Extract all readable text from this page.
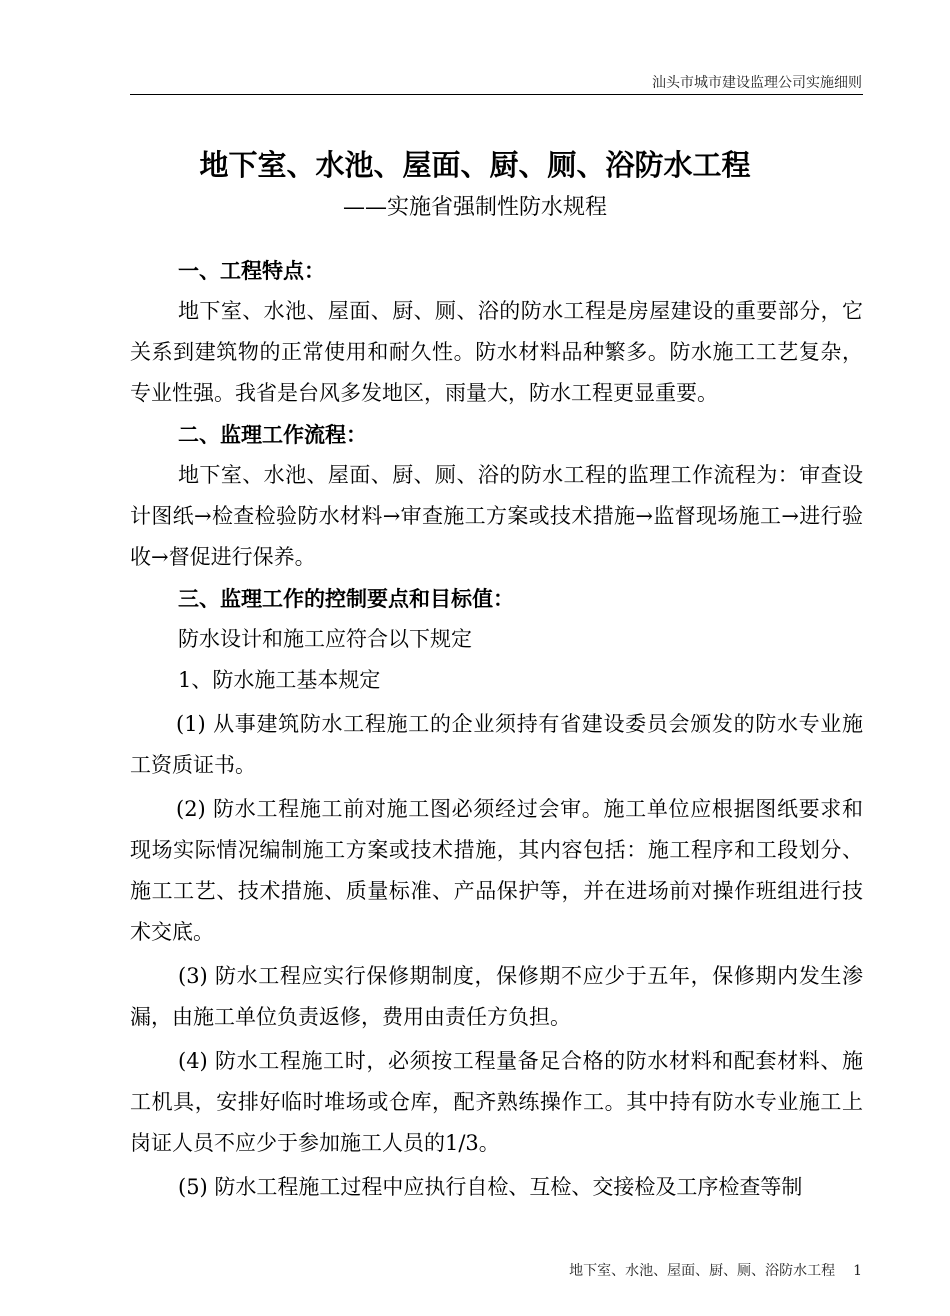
汕头市城市建设监理公司实施细则
地下室、水池、屋面、厨、厕、浴防水工程
——实施省强制性防水规程

一、工程特点：

地下室、水池、屋面、厨、厕、浴的防水工程是房屋建设的重要部分，它关系到建筑物的正常使用和耐久性。防水材料品种繁多。防水施工工艺复杂，专业性强。我省是台风多发地区，雨量大，防水工程更显重要。

二、监理工作流程：

地下室、水池、屋面、厨、厕、浴的防水工程的监理工作流程为：审查设计图纸→检查检验防水材料→审查施工方案或技术措施→监督现场施工→进行验收→督促进行保养。

三、监理工作的控制要点和目标值：

防水设计和施工应符合以下规定

1、防水施工基本规定

(1) 从事建筑防水工程施工的企业须持有省建设委员会颁发的防水专业施工资质证书。

(2) 防水工程施工前对施工图必须经过会审。施工单位应根据图纸要求和现场实际情况编制施工方案或技术措施，其内容包括：施工程序和工段划分、施工工艺、技术措施、质量标准、产品保护等，并在进场前对操作班组进行技术交底。

(3) 防水工程应实行保修期制度，保修期不应少于五年，保修期内发生渗漏，由施工单位负责返修，费用由责任方负担。

(4) 防水工程施工时，必须按工程量备足合格的防水材料和配套材料、施工机具，安排好临时堆场或仓库，配齐熟练操作工。其中持有防水专业施工上岗证人员不应少于参加施工人员的1/3。

(5) 防水工程施工过程中应执行自检、互检、交接检及工序检查等制

地下室、水池、屋面、厨、厕、浴防水工程 1
